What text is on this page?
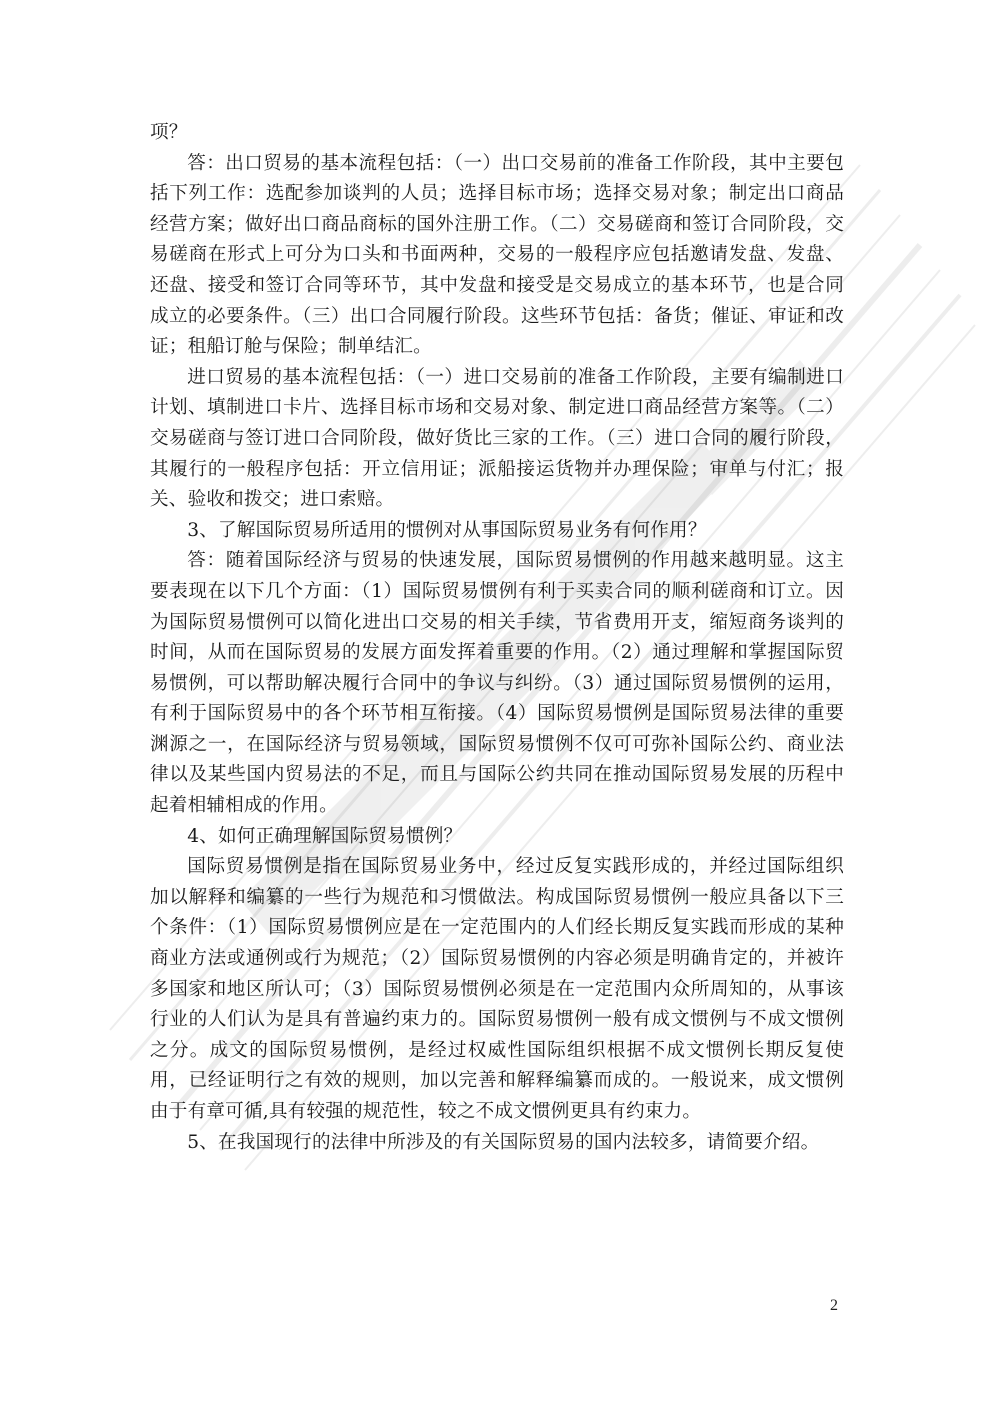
项？

答：出口贸易的基本流程包括：（一）出口交易前的准备工作阶段，其中主要包括下列工作：选配参加谈判的人员；选择目标市场；选择交易对象；制定出口商品经营方案；做好出口商品商标的国外注册工作。（二）交易磋商和签订合同阶段，交易磋商在形式上可分为口头和书面两种，交易的一般程序应包括邀请发盘、发盘、还盘、接受和签订合同等环节，其中发盘和接受是交易成立的基本环节，也是合同成立的必要条件。（三）出口合同履行阶段。这些环节包括：备货；催证、审证和改证；租船订舱与保险；制单结汇。

进口贸易的基本流程包括：（一）进口交易前的准备工作阶段，主要有编制进口计划、填制进口卡片、选择目标市场和交易对象、制定进口商品经营方案等。（二）交易磋商与签订进口合同阶段，做好货比三家的工作。（三）进口合同的履行阶段，其履行的一般程序包括：开立信用证；派船接运货物并办理保险；审单与付汇；报关、验收和拨交；进口索赔。

3、了解国际贸易所适用的惯例对从事国际贸易业务有何作用？

答：随着国际经济与贸易的快速发展，国际贸易惯例的作用越来越明显。这主要表现在以下几个方面：（1）国际贸易惯例有利于买卖合同的顺利磋商和订立。因为国际贸易惯例可以简化进出口交易的相关手续，节省费用开支，缩短商务谈判的时间，从而在国际贸易的发展方面发挥着重要的作用。（2）通过理解和掌握国际贸易惯例，可以帮助解决履行合同中的争议与纠纷。（3）通过国际贸易惯例的运用，有利于国际贸易中的各个环节相互衔接。（4）国际贸易惯例是国际贸易法律的重要渊源之一，在国际经济与贸易领域，国际贸易惯例不仅可可弥补国际公约、商业法律以及某些国内贸易法的不足，而且与国际公约共同在推动国际贸易发展的历程中起着相辅相成的作用。

4、如何正确理解国际贸易惯例？

国际贸易惯例是指在国际贸易业务中，经过反复实践形成的，并经过国际组织加以解释和编纂的一些行为规范和习惯做法。构成国际贸易惯例一般应具备以下三个条件：（1）国际贸易惯例应是在一定范围内的人们经长期反复实践而形成的某种商业方法或通例或行为规范；（2）国际贸易惯例的内容必须是明确肯定的，并被许多国家和地区所认可；（3）国际贸易惯例必须是在一定范围内众所周知的，从事该行业的人们认为是具有普遍约束力的。国际贸易惯例一般有成文惯例与不成文惯例之分。成文的国际贸易惯例，是经过权威性国际组织根据不成文惯例长期反复使用，已经证明行之有效的规则，加以完善和解释编纂而成的。一般说来，成文惯例由于有章可循,具有较强的规范性，较之不成文惯例更具有约束力。

5、在我国现行的法律中所涉及的有关国际贸易的国内法较多，请简要介绍。

2
